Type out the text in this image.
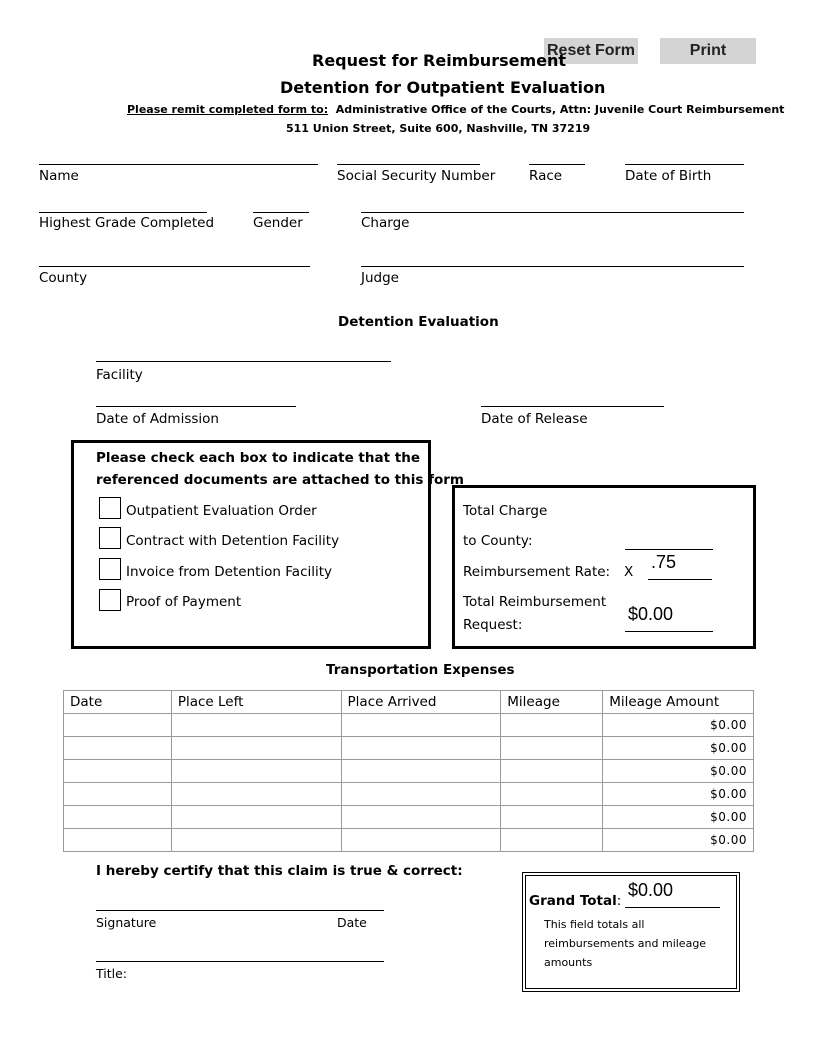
Reset Form	Print
Request for Reimbursement
Detention for Outpatient Evaluation
Please remit completed form to: Administrative Office of the Courts, Attn: Juvenile Court Reimbursement
511 Union Street, Suite 600, Nashville, TN 37219
Name	Social Security Number Race	Date of Birth
Highest Grade Completed	Gender	Charge
County	Judge
Detention Evaluation
Facility
Date of Admission	Date of Release
Please check each box to indicate that the
referenced documents are attached to this form
Outpatient Evaluation Order
Contract with Detention Facility
Invoice from Detention Facility
Proof of Payment
Total Charge
to County:
Reimbursement Rate: X .75
Total Reimbursement
Request:
$0.00
Transportation Expenses
Date	Place Left	Place Arrived	Mileage	Mileage Amount
				$0.00
				$0.00
				$0.00
				$0.00
				$0.00
				$0.00
I hereby certify that this claim is true & correct:
Signature	Date
Title:
Grand Total:
$0.00
This field totals all
reimbursements and mileage
amounts
